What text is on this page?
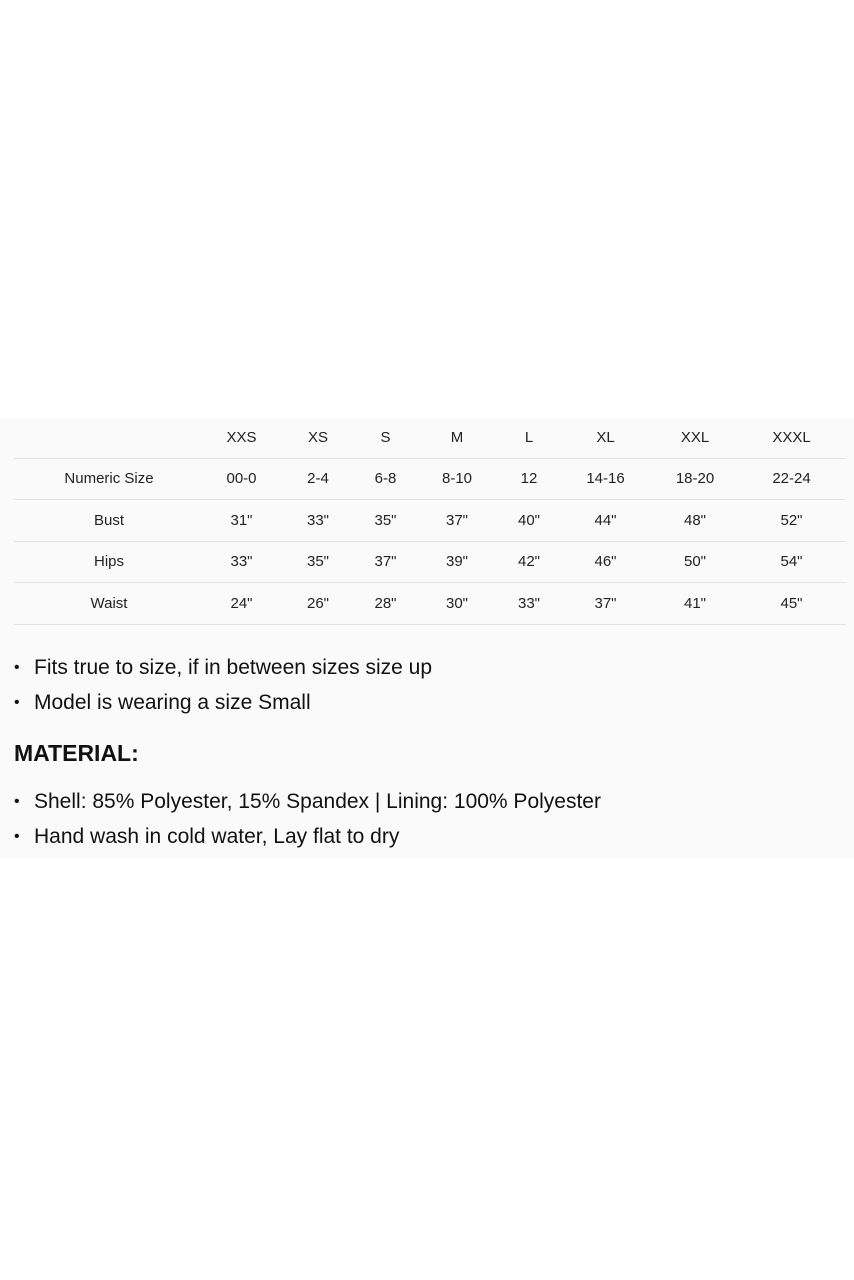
	XXS	XS	S	M	L	XL	XXL	XXXL
Numeric Size	00-0	2-4	6-8	8-10	12	14-16	18-20	22-24
Bust	31"	33"	35"	37"	40"	44"	48"	52"
Hips	33"	35"	37"	39"	42"	46"	50"	54"
Waist	24"	26"	28"	30"	33"	37"	41"	45"
• Fits true to size, if in between sizes size up
• Model is wearing a size Small
MATERIAL:
• Shell: 85% Polyester, 15% Spandex | Lining: 100% Polyester
• Hand wash in cold water, Lay flat to dry
